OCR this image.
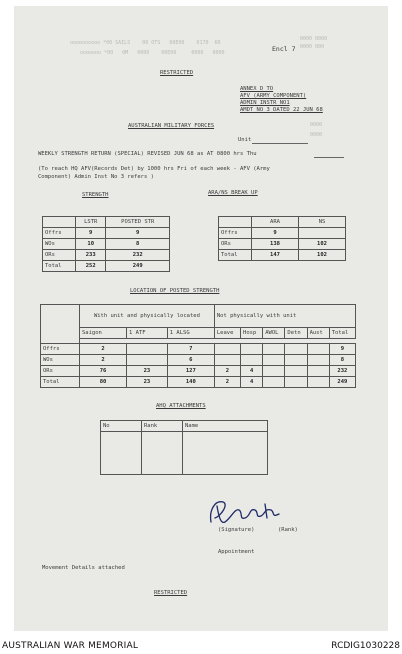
oooooooooo *00 SAILS    00 OTS   00E00    0170  6R
ooooooo *00   0M   0000    00E00     0000   0000
0000 0000
0000 000
0000
0000
Encl 7
RESTRICTED
ANNEX D TO
AFV (ARMY COMPONENT)
ADMIN INSTR NO1
AMDT NO 3 DATED 22 JUN 68
AUSTRALIAN MILITARY FORCES
Unit
WEEKLY STRENGTH RETURN (SPECIAL) REVISED JUN 68 as AT 0800 hrs Thu
(To reach HQ AFV(Records Det) by 1000 hrs Fri of each week - AFV (Army
Component) Admin Inst No 3 refers )
STRENGTH
	LSTR	POSTED STR
Offrs	9	9
WOs	10	8
ORs	233	232
Total	252	249
ARA/NS BREAK UP
	ARA	NS
Offrs	9	
ORs	138	102
Total	147	102
LOCATION OF POSTED STRENGTH
	With unit and physically located			Not physically with unit					
	Saigon	1 ATF	1 ALSG	Leave	Hosp	AWOL	Detn	Aust	Total

Offrs	2		7						9
WOs	2		6						8
ORs	76	23	127	2	4				232
Total	80	23	140	2	4				249
AHQ ATTACHMENTS
No	Rank	Name

(Signature)	(Rank)
Appointment
Movement Details attached
RESTRICTED
AUSTRALIAN WAR MEMORIAL	RCDIG1030228
